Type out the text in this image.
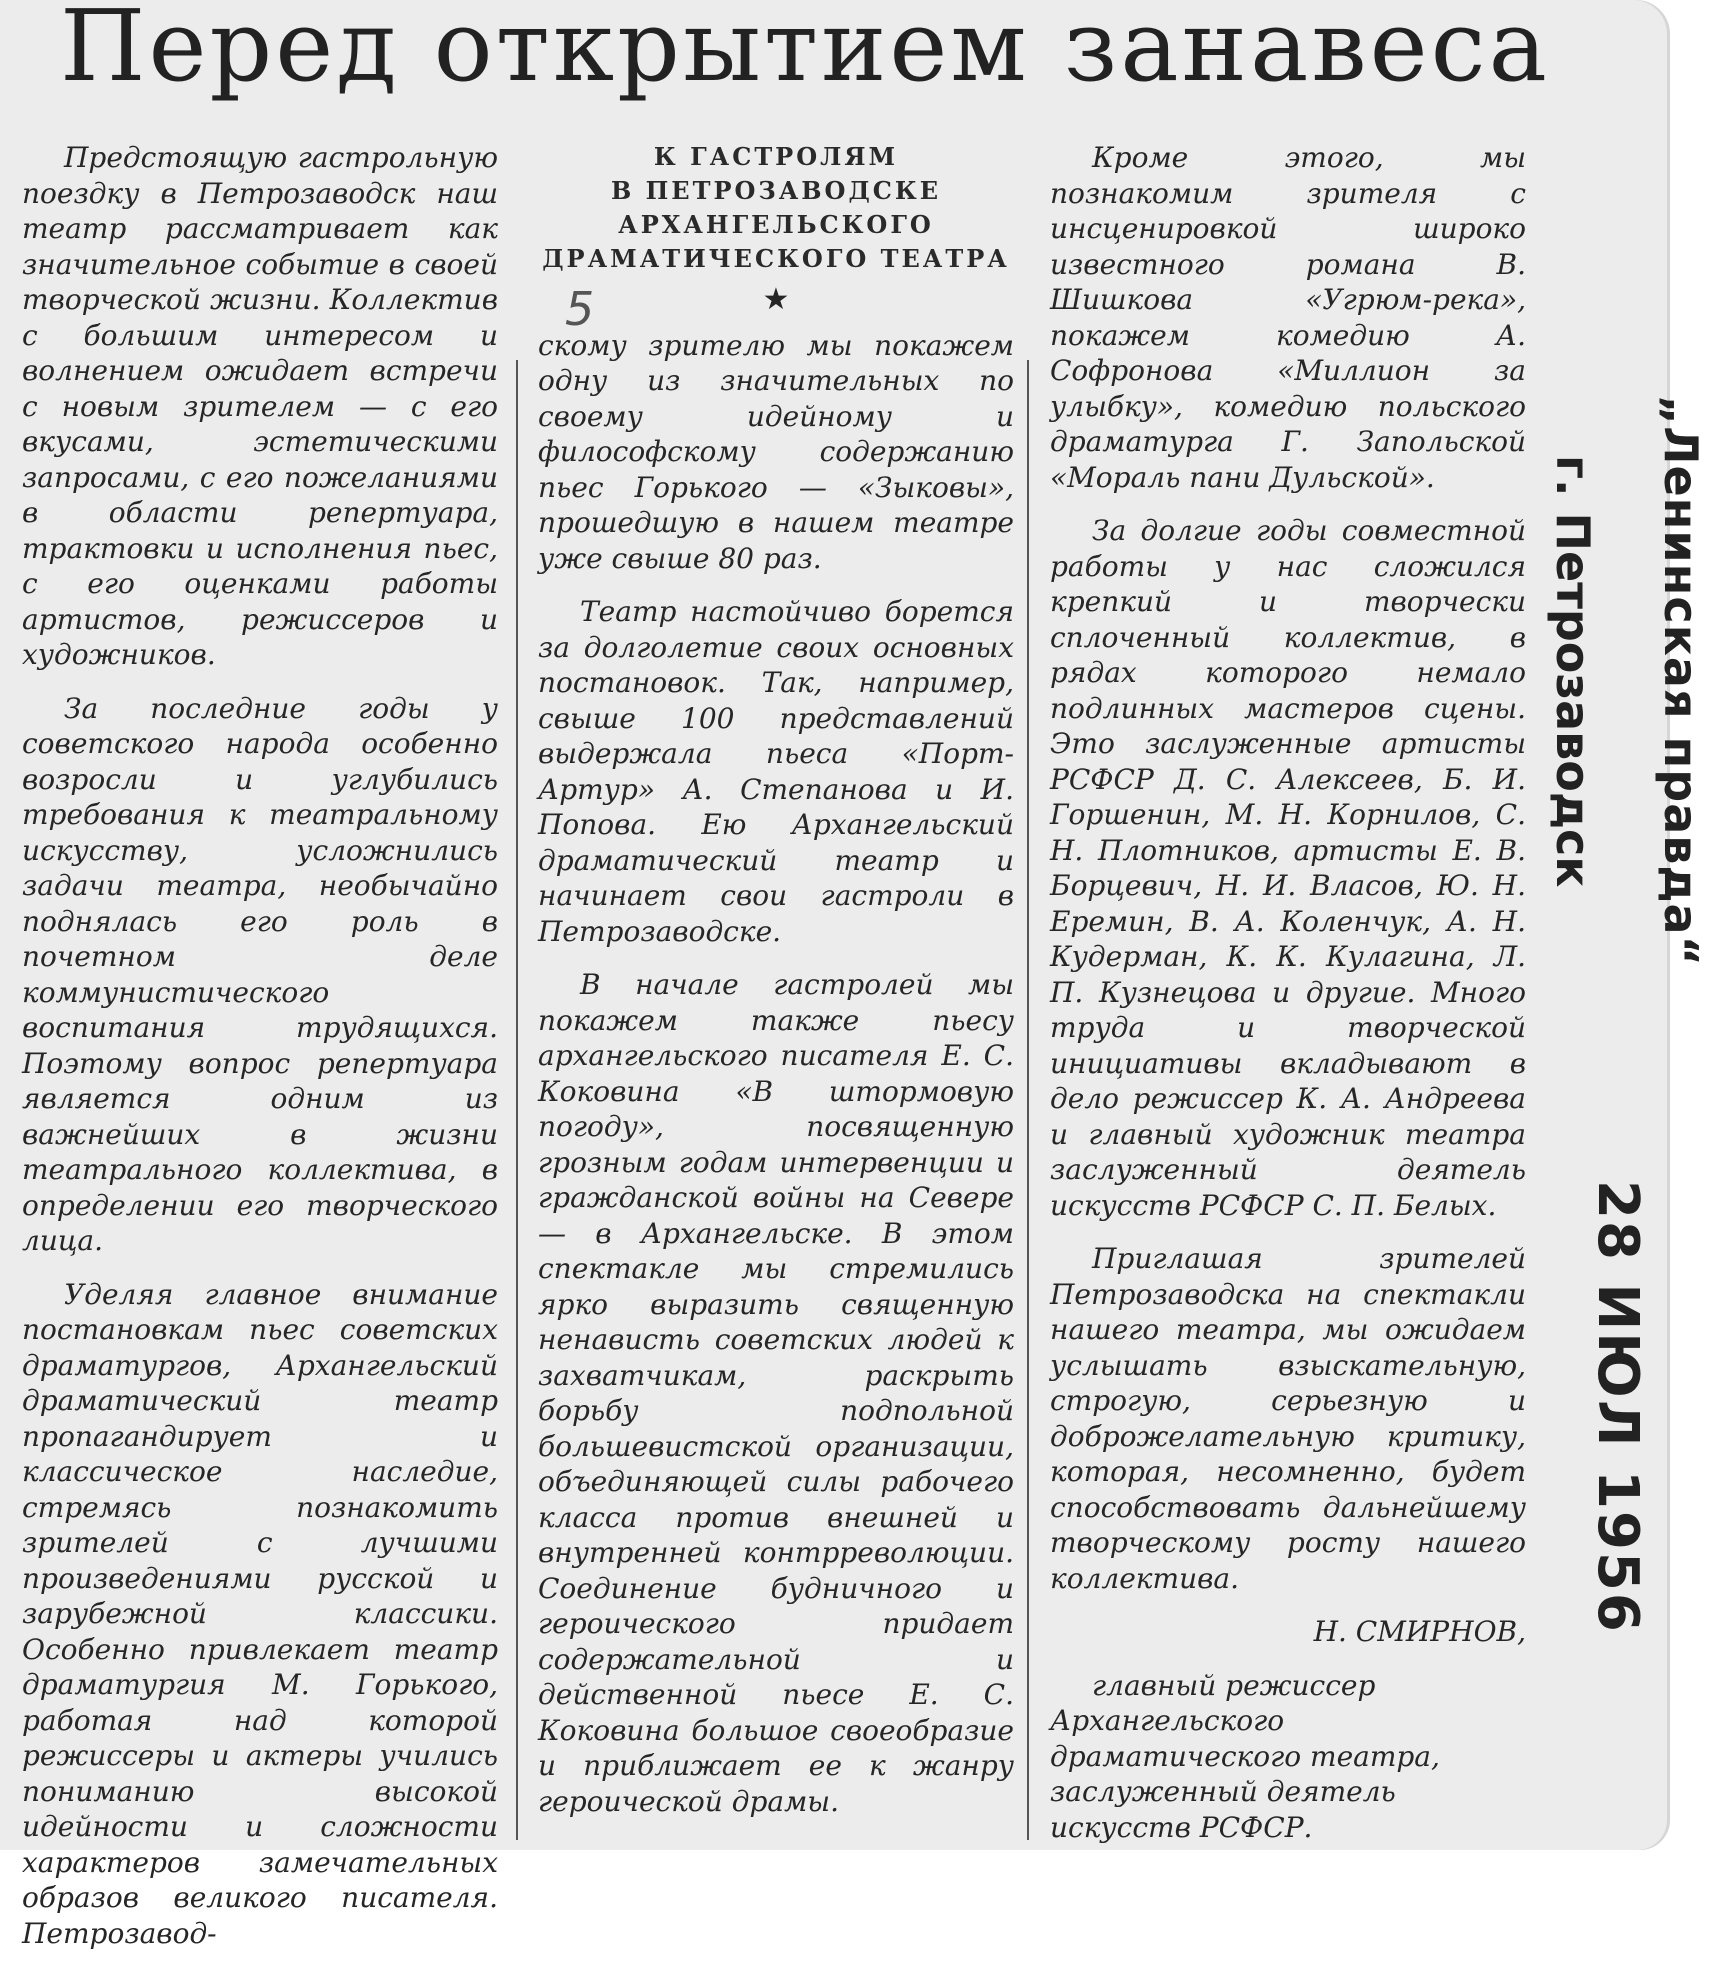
Перед открытием занавеса

Предстоящую гастрольную поездку в Петрозаводск наш театр рассматривает как значительное событие в своей творческой жизни. Коллектив с большим интересом и волнением ожидает встречи с новым зрителем — с его вкусами, эстетическими запросами, с его пожеланиями в области репертуара, трактовки и исполнения пьес, с его оценками работы артистов, режиссеров и художников.

За последние годы у советского народа особенно возросли и углубились требования к театральному искусству, усложнились задачи театра, необычайно поднялась его роль в почетном деле коммунистического воспитания трудящихся. Поэтому вопрос репертуара является одним из важнейших в жизни театрального коллектива, в определении его творческого лица.

Уделяя главное внимание постановкам пьес советских драматургов, Архангельский драматический театр пропагандирует и классическое наследие, стремясь познакомить зрителей с лучшими произведениями русской и зарубежной классики. Особенно привлекает театр драматургия М. Горького, работая над которой режиссеры и актеры учились пониманию высокой идейности и сложности характеров замечательных образов великого писателя. Петрозавод-

К ГАСТРОЛЯМ
В ПЕТРОЗАВОДСКЕ
АРХАНГЕЛЬСКОГО
ДРАМАТИЧЕСКОГО ТЕАТРА
★

скому зрителю мы покажем одну из значительных по своему идейному и философскому содержанию пьес Горького — «Зыковы», прошедшую в нашем театре уже свыше 80 раз.

Театр настойчиво борется за долголетие своих основных постановок. Так, например, свыше 100 представлений выдержала пьеса «Порт-Артур» А. Степанова и И. Попова. Ею Архангельский драматический театр и начинает свои гастроли в Петрозаводске.

В начале гастролей мы покажем также пьесу архангельского писателя Е. С. Коковина «В штормовую погоду», посвященную грозным годам интервенции и гражданской войны на Севере — в Архангельске. В этом спектакле мы стремились ярко выразить священную ненависть советских людей к захватчикам, раскрыть борьбу подпольной большевистской организации, объединяющей силы рабочего класса против внешней и внутренней контрреволюции. Соединение будничного и героического придает содержательной и действенной пьесе Е. С. Коковина большое своеобразие и приближает ее к жанру героической драмы.

Кроме этого, мы познакомим зрителя с инсценировкой широко известного романа В. Шишкова «Угрюм-река», покажем комедию А. Софронова «Миллион за улыбку», комедию польского драматурга Г. Запольской «Мораль пани Дульской».

За долгие годы совместной работы у нас сложился крепкий и творчески сплоченный коллектив, в рядах которого немало подлинных мастеров сцены. Это заслуженные артисты РСФСР Д. С. Алексеев, Б. И. Горшенин, М. Н. Корнилов, С. Н. Плотников, артисты Е. В. Борцевич, Н. И. Власов, Ю. Н. Еремин, В. А. Коленчук, А. Н. Кудерман, К. К. Кулагина, Л. П. Кузнецова и другие. Много труда и творческой инициативы вкладывают в дело режиссер К. А. Андреева и главный художник театра заслуженный деятель искусств РСФСР С. П. Белых.

Приглашая зрителей Петрозаводска на спектакли нашего театра, мы ожидаем услышать взыскательную, строгую, серьезную и доброжелательную критику, которая, несомненно, будет способствовать дальнейшему творческому росту нашего коллектива.

Н. СМИРНОВ,

главный режиссер Архангельского драматического театра, заслуженный деятель искусств РСФСР.

5
„Ленинская правда“
г. Петрозаводск
28 ИЮЛ 1956
